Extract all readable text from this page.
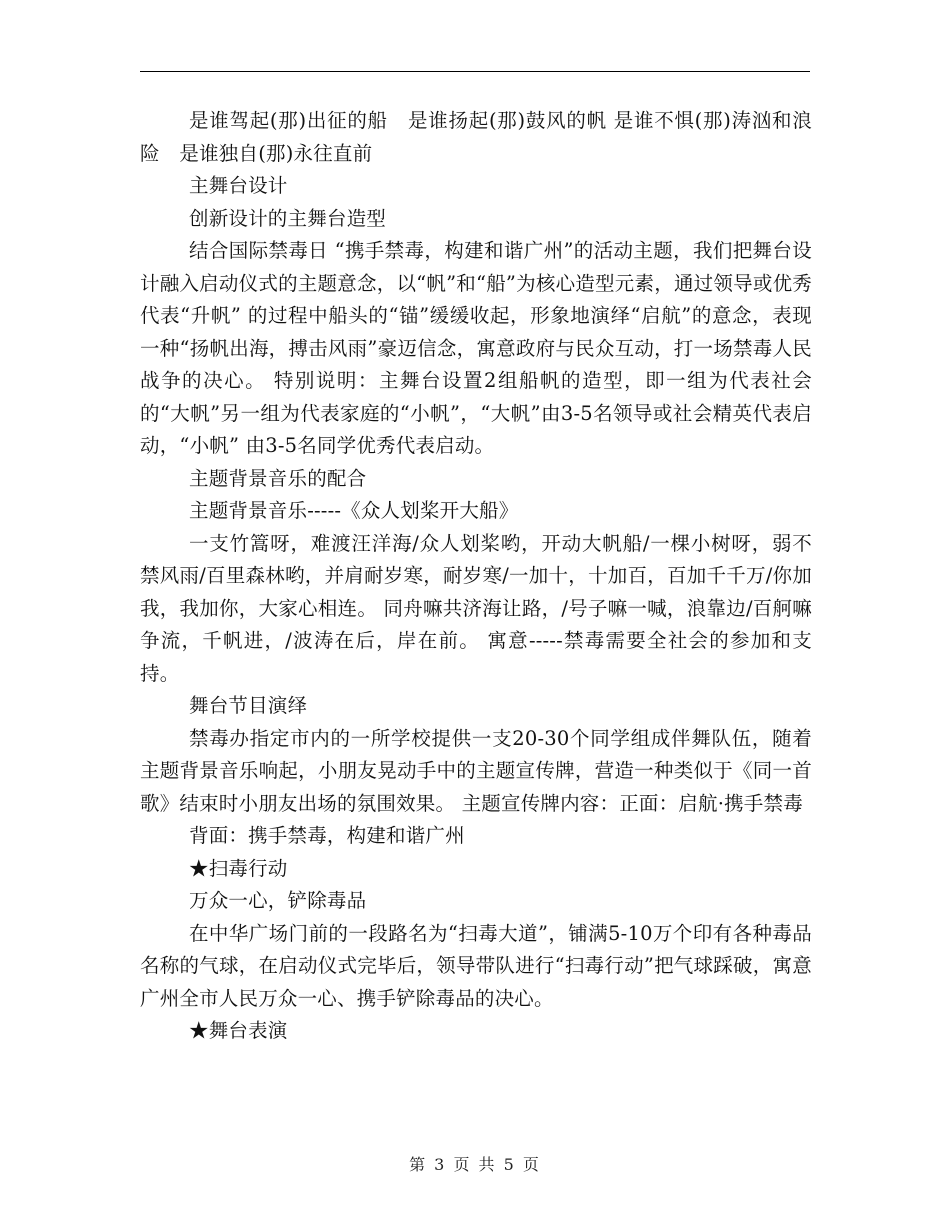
是谁驾起(那)出征的船　是谁扬起(那)鼓风的帆 是谁不惧(那)涛汹和浪险　是谁独自(那)永往直前

主舞台设计

创新设计的主舞台造型

结合国际禁毒日 “携手禁毒，构建和谐广州”的活动主题，我们把舞台设计融入启动仪式的主题意念，以“帆”和“船”为核心造型元素，通过领导或优秀代表“升帆” 的过程中船头的“锚”缓缓收起，形象地演绎“启航”的意念，表现一种“扬帆出海，搏击风雨”豪迈信念，寓意政府与民众互动，打一场禁毒人民战争的决心。 特别说明：主舞台设置2组船帆的造型，即一组为代表社会的“大帆”另一组为代表家庭的“小帆”，“大帆”由3-5名领导或社会精英代表启动，“小帆” 由3-5名同学优秀代表启动。

主题背景音乐的配合

主题背景音乐-----《众人划桨开大船》

一支竹篙呀，难渡汪洋海/众人划桨哟，开动大帆船/一棵小树呀，弱不禁风雨/百里森林哟，并肩耐岁寒，耐岁寒/一加十，十加百，百加千千万/你加我，我加你，大家心相连。 同舟嘛共济海让路，/号子嘛一喊，浪靠边/百舸嘛争流，千帆进，/波涛在后，岸在前。 寓意-----禁毒需要全社会的参加和支持。

舞台节目演绎

禁毒办指定市内的一所学校提供一支20-30个同学组成伴舞队伍，随着主题背景音乐响起，小朋友晃动手中的主题宣传牌，营造一种类似于《同一首歌》结束时小朋友出场的氛围效果。 主题宣传牌内容：正面：启航·携手禁毒

背面：携手禁毒，构建和谐广州

★扫毒行动

万众一心，铲除毒品

在中华广场门前的一段路名为“扫毒大道”，铺满5-10万个印有各种毒品名称的气球，在启动仪式完毕后，领导带队进行“扫毒行动”把气球踩破，寓意广州全市人民万众一心、携手铲除毒品的决心。

★舞台表演

第 3 页 共 5 页
